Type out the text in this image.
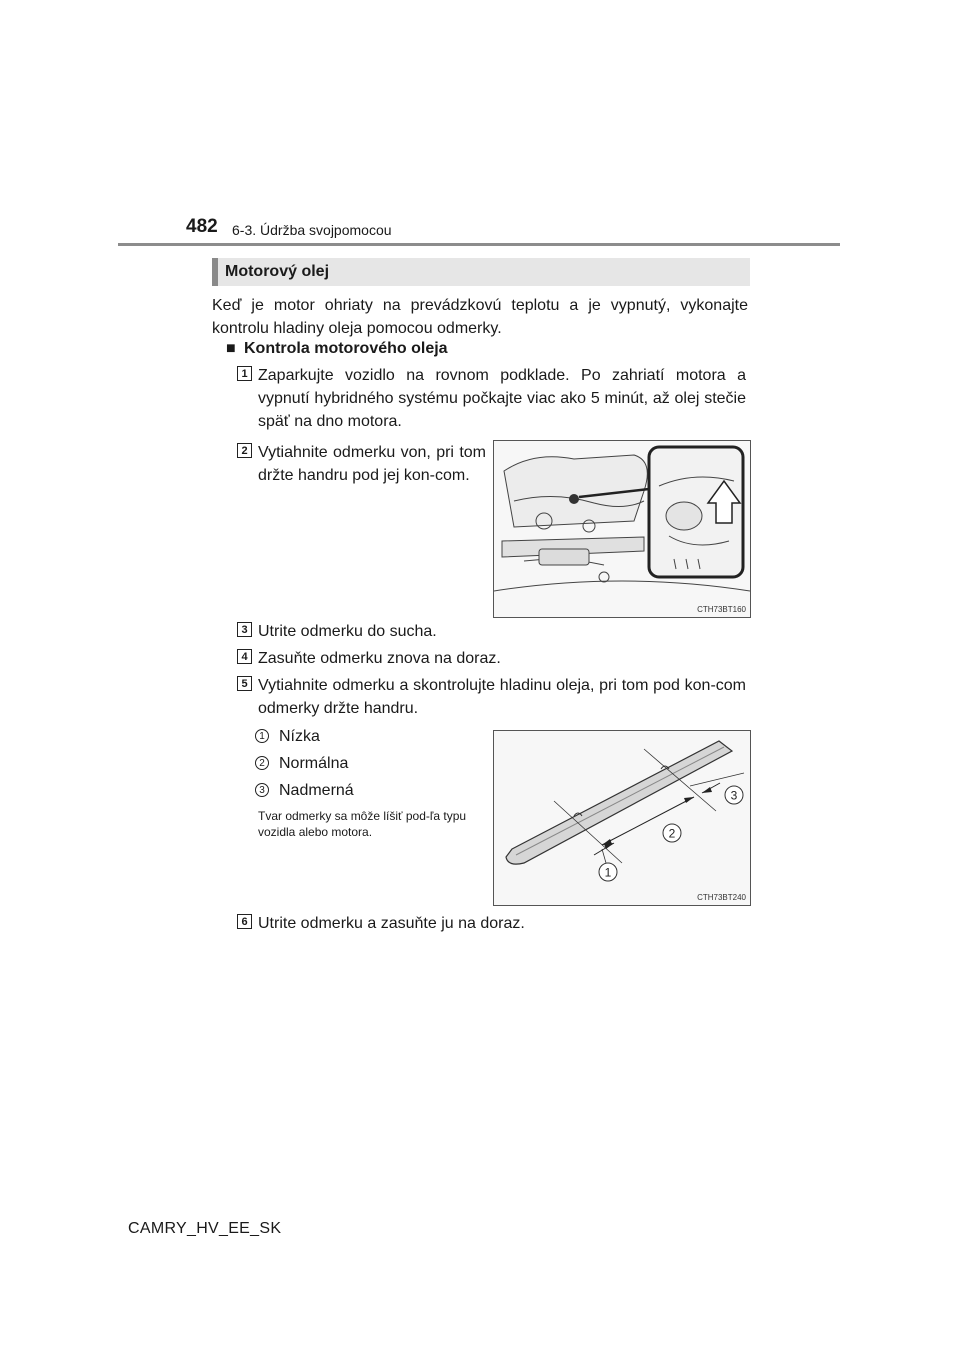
482 6-3. Údržba svojpomocou
Motorový olej
Keď je motor ohriaty na prevádzkovú teplotu a je vypnutý, vykonajte kontrolu hladiny oleja pomocou odmerky.
■ Kontrola motorového oleja
1 Zaparkujte vozidlo na rovnom podklade. Po zahriatí motora a vypnutí hybridného systému počkajte viac ako 5 minút, až olej stečie späť na dno motora.
2 Vytiahnite odmerku von, pri tom držte handru pod jej kon-com.
CTH73BT160
3 Utrite odmerku do sucha.
4 Zasuňte odmerku znova na doraz.
5 Vytiahnite odmerku a skontrolujte hladinu oleja, pri tom pod kon-com odmerky držte handru.
1 Nízka
2 Normálna
3 Nadmerná
Tvar odmerky sa môže líšiť pod-ľa typu vozidla alebo motora.
1
2
3
CTH73BT240
6 Utrite odmerku a zasuňte ju na doraz.
CAMRY_HV_EE_SK
